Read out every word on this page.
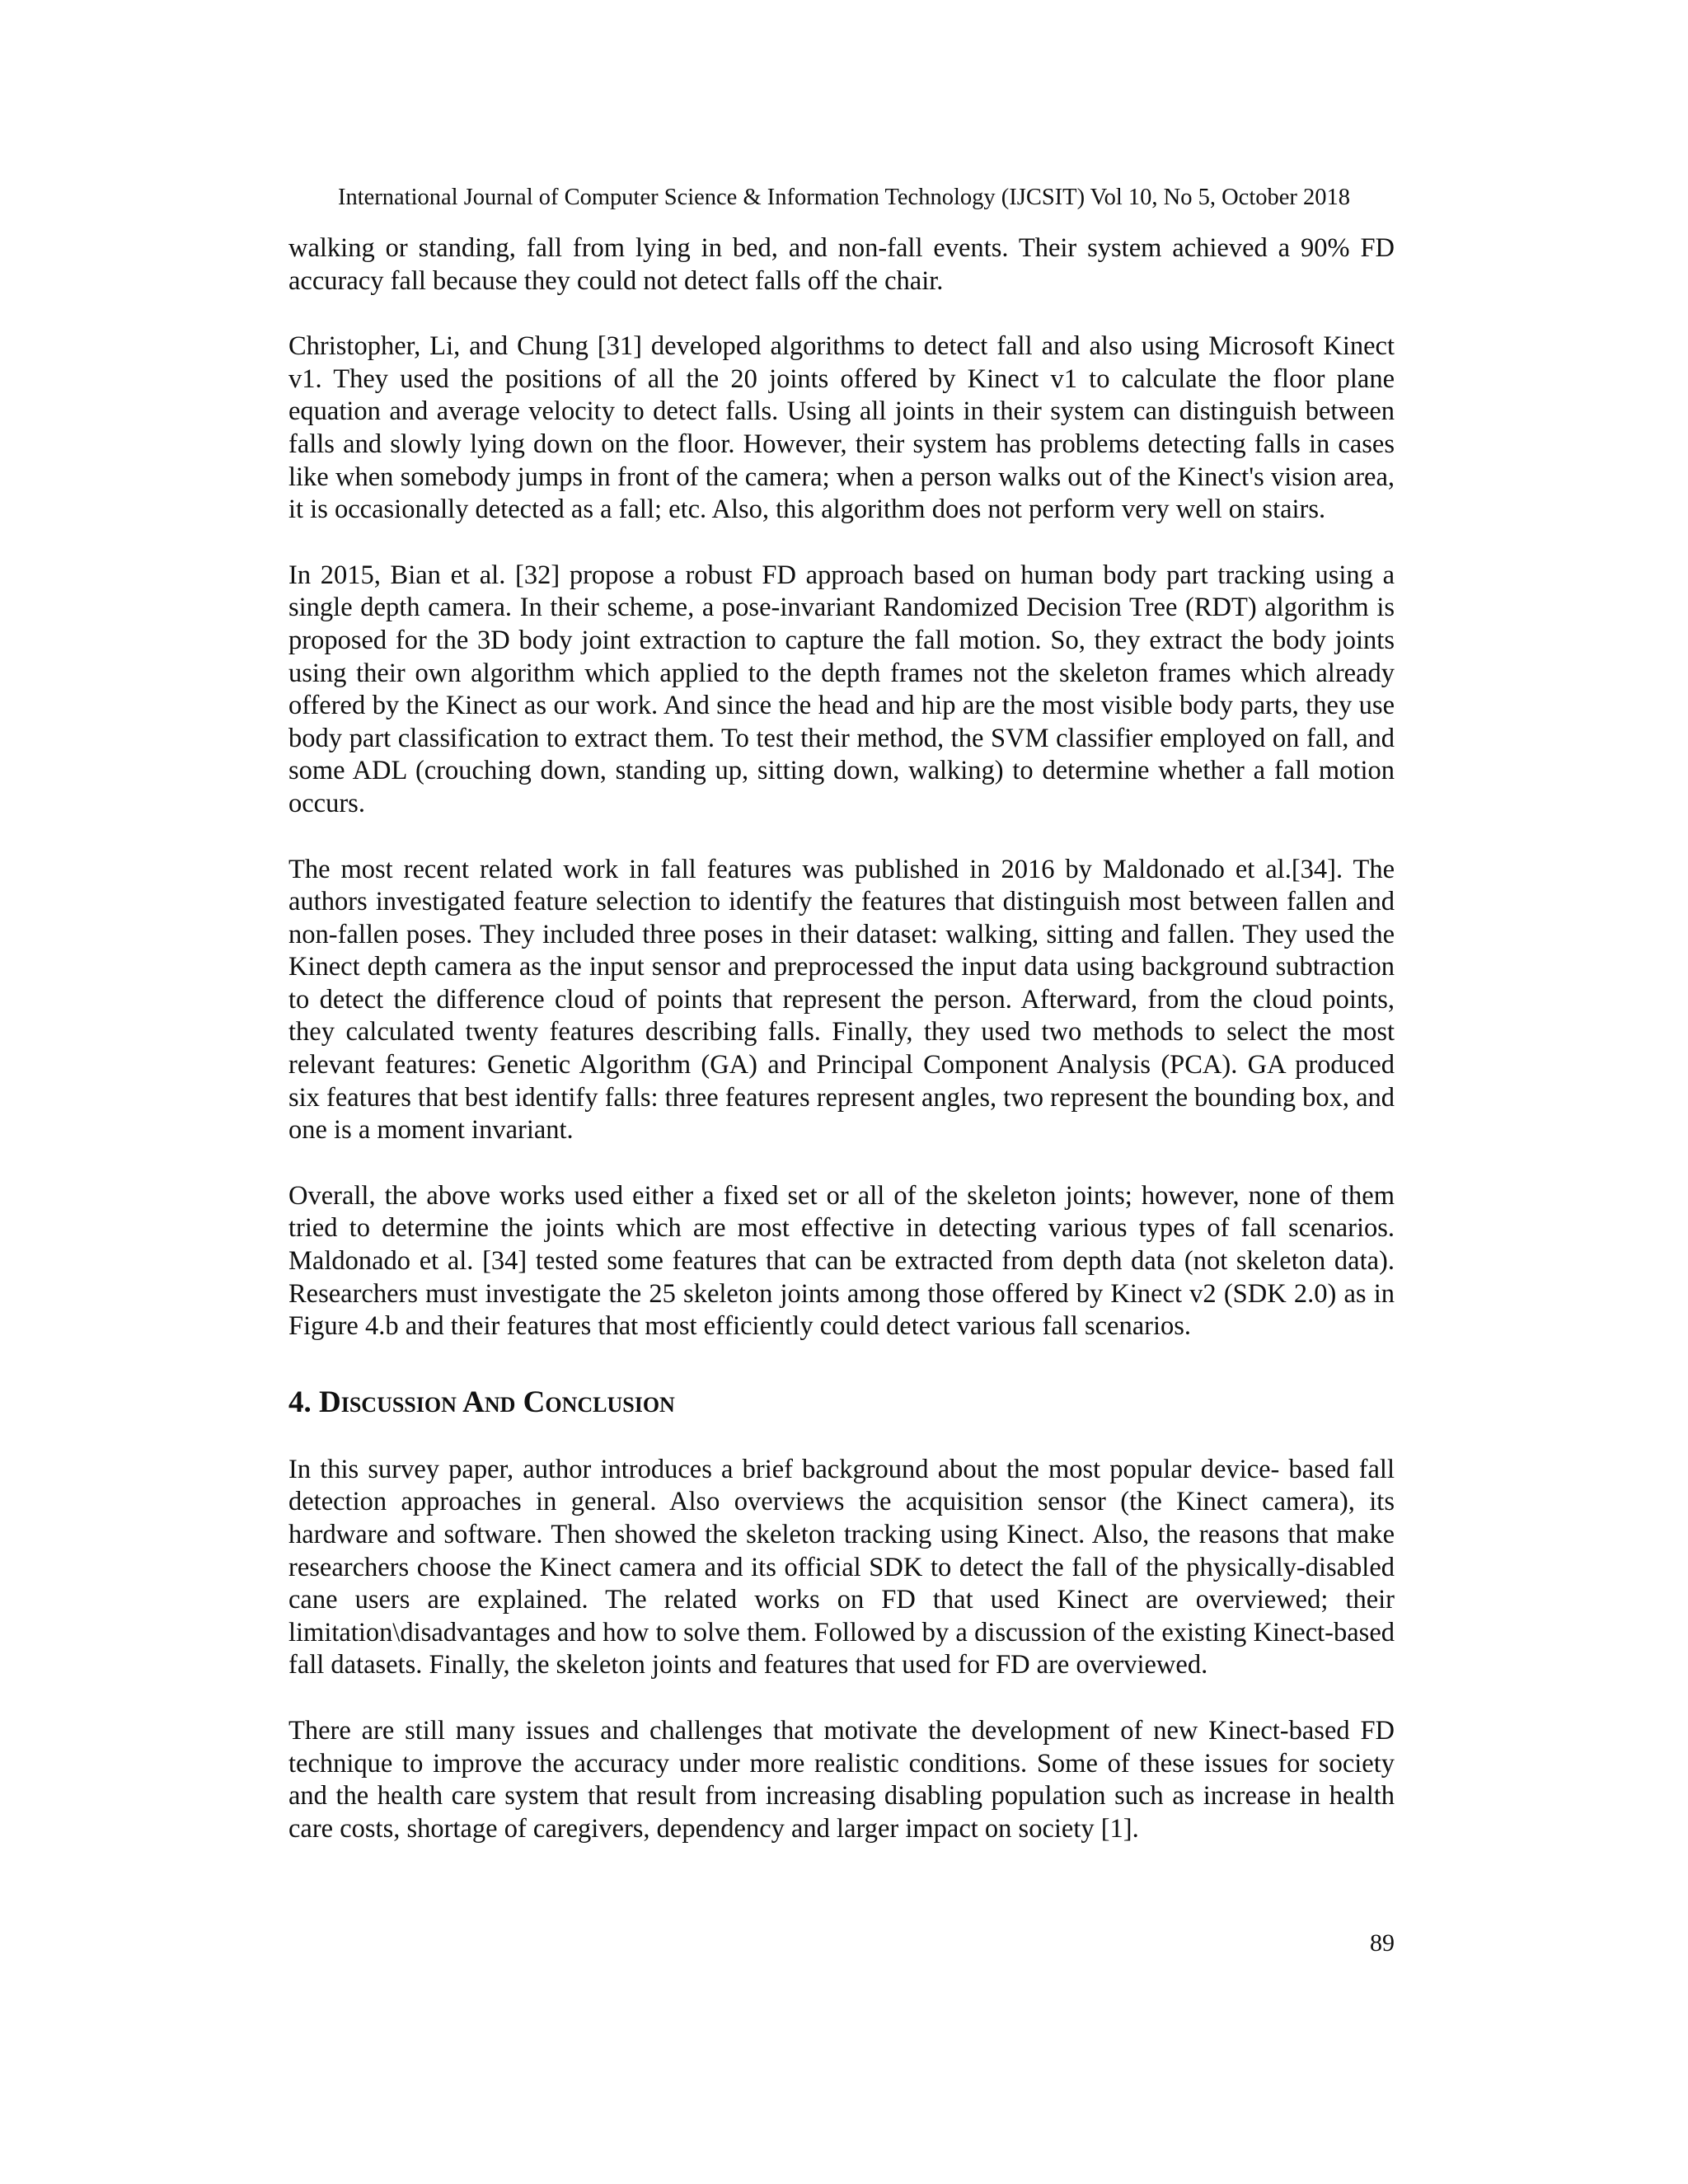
International Journal of Computer Science & Information Technology (IJCSIT) Vol 10, No 5, October 2018

walking or standing, fall from lying in bed, and non-fall events. Their system achieved a 90% FD accuracy fall because they could not detect falls off the chair.

Christopher, Li, and Chung [31] developed algorithms to detect fall and also using Microsoft Kinect v1. They used the positions of all the 20 joints offered by Kinect v1 to calculate the floor plane equation and average velocity to detect falls. Using all joints in their system can distinguish between falls and slowly lying down on the floor. However, their system has problems detecting falls in cases like when somebody jumps in front of the camera; when a person walks out of the Kinect's vision area, it is occasionally detected as a fall; etc. Also, this algorithm does not perform very well on stairs.

In 2015, Bian et al. [32] propose a robust FD approach based on human body part tracking using a single depth camera. In their scheme, a pose-invariant Randomized Decision Tree (RDT) algorithm is proposed for the 3D body joint extraction to capture the fall motion. So, they extract the body joints using their own algorithm which applied to the depth frames not the skeleton frames which already offered by the Kinect as our work. And since the head and hip are the most visible body parts, they use body part classification to extract them. To test their method, the SVM classifier employed on fall, and some ADL (crouching down, standing up, sitting down, walking) to determine whether a fall motion occurs.

The most recent related work in fall features was published in 2016 by Maldonado et al.[34]. The authors investigated feature selection to identify the features that distinguish most between fallen and non-fallen poses. They included three poses in their dataset: walking, sitting and fallen. They used the Kinect depth camera as the input sensor and preprocessed the input data using background subtraction to detect the difference cloud of points that represent the person. Afterward, from the cloud points, they calculated twenty features describing falls. Finally, they used two methods to select the most relevant features: Genetic Algorithm (GA) and Principal Component Analysis (PCA). GA produced six features that best identify falls: three features represent angles, two represent the bounding box, and one is a moment invariant.

Overall, the above works used either a fixed set or all of the skeleton joints; however, none of them tried to determine the joints which are most effective in detecting various types of fall scenarios. Maldonado et al. [34] tested some features that can be extracted from depth data (not skeleton data). Researchers must investigate the 25 skeleton joints among those offered by Kinect v2 (SDK 2.0) as in Figure 4.b and their features that most efficiently could detect various fall scenarios.

4. Discussion And Conclusion

In this survey paper, author introduces a brief background about the most popular device- based fall detection approaches in general. Also overviews the acquisition sensor (the Kinect camera), its hardware and software. Then showed the skeleton tracking using Kinect. Also, the reasons that make researchers choose the Kinect camera and its official SDK to detect the fall of the physically-disabled cane users are explained. The related works on FD that used Kinect are overviewed; their limitation\disadvantages and how to solve them. Followed by a discussion of the existing Kinect-based fall datasets. Finally, the skeleton joints and features that used for FD are overviewed.

There are still many issues and challenges that motivate the development of new Kinect-based FD technique to improve the accuracy under more realistic conditions. Some of these issues for society and the health care system that result from increasing disabling population such as increase in health care costs, shortage of caregivers, dependency and larger impact on society [1].

89
